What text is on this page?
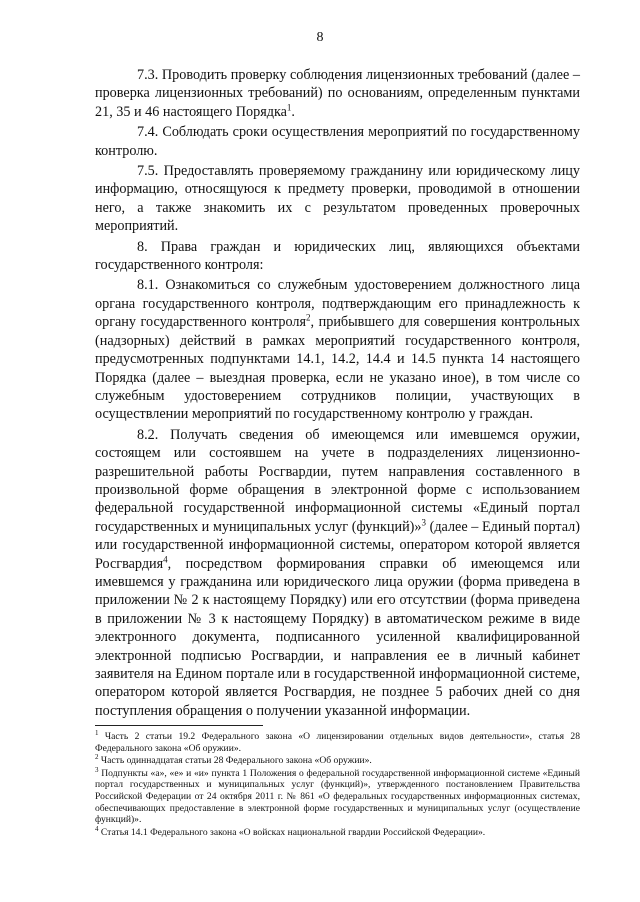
8

7.3. Проводить проверку соблюдения лицензионных требований (далее – проверка лицензионных требований) по основаниям, определенным пунктами 21, 35 и 46 настоящего Порядка$^1$.

7.4. Соблюдать сроки осуществления мероприятий по государственному контролю.

7.5. Предоставлять проверяемому гражданину или юридическому лицу информацию, относящуюся к предмету проверки, проводимой в отношении него, а также знакомить их с результатом проведенных проверочных мероприятий.

8. Права граждан и юридических лиц, являющихся объектами государственного контроля:

8.1. Ознакомиться со служебным удостоверением должностного лица органа государственного контроля, подтверждающим его принадлежность к органу государственного контроля$^2$, прибывшего для совершения контрольных (надзорных) действий в рамках мероприятий государственного контроля, предусмотренных подпунктами 14.1, 14.2, 14.4 и 14.5 пункта 14 настоящего Порядка (далее – выездная проверка, если не указано иное), в том числе со служебным удостоверением сотрудников полиции, участвующих в осуществлении мероприятий по государственному контролю у граждан.

8.2. Получать сведения об имеющемся или имевшемся оружии, состоящем или состоявшем на учете в подразделениях лицензионно-разрешительной работы Росгвардии, путем направления составленного в произвольной форме обращения в электронной форме с использованием федеральной государственной информационной системы «Единый портал государственных и муниципальных услуг (функций)»$^3$ (далее – Единый портал) или государственной информационной системы, оператором которой является Росгвардия$^4$, посредством формирования справки об имеющемся или имевшемся у гражданина или юридического лица оружии (форма приведена в приложении № 2 к настоящему Порядку) или его отсутствии (форма приведена в приложении № 3 к настоящему Порядку) в автоматическом режиме в виде электронного документа, подписанного усиленной квалифицированной электронной подписью Росгвардии, и направления ее в личный кабинет заявителя на Едином портале или в государственной информационной системе, оператором которой является Росгвардия, не позднее 5 рабочих дней со дня поступления обращения о получении указанной информации.

$^1$ Часть 2 статьи 19.2 Федерального закона «О лицензировании отдельных видов деятельности», статья 28 Федерального закона «Об оружии».

$^2$ Часть одиннадцатая статьи 28 Федерального закона «Об оружии».

$^3$ Подпункты «а», «е» и «и» пункта 1 Положения о федеральной государственной информационной системе «Единый портал государственных и муниципальных услуг (функций)», утвержденного постановлением Правительства Российской Федерации от 24 октября 2011 г. № 861 «О федеральных государственных информационных системах, обеспечивающих предоставление в электронной форме государственных и муниципальных услуг (осуществление функций)».

$^4$ Статья 14.1 Федерального закона «О войсках национальной гвардии Российской Федерации».
